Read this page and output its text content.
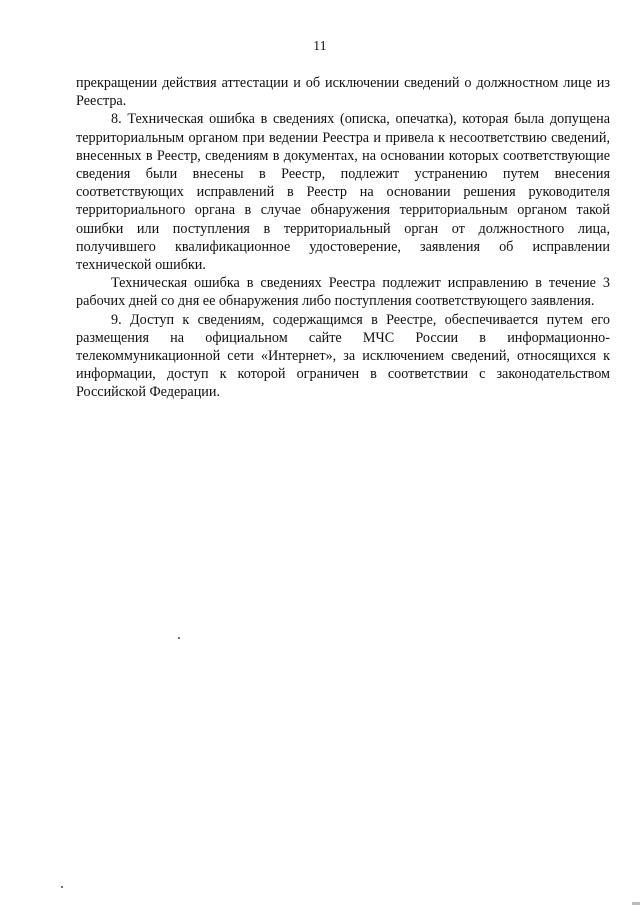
11

прекращении действия аттестации и об исключении сведений о должностном лице из Реестра.

8. Техническая ошибка в сведениях (описка, опечатка), которая была допущена территориальным органом при ведении Реестра и привела к несоответствию сведений, внесенных в Реестр, сведениям в документах, на основании которых соответствующие сведения были внесены в Реестр, подлежит устранению путем внесения соответствующих исправлений в Реестр на основании решения руководителя территориального органа в случае обнаружения территориальным органом такой ошибки или поступления в территориальный орган от должностного лица, получившего квалификационное удостоверение, заявления об исправлении технической ошибки.

Техническая ошибка в сведениях Реестра подлежит исправлению в течение 3 рабочих дней со дня ее обнаружения либо поступления соответствующего заявления.

9. Доступ к сведениям, содержащимся в Реестре, обеспечивается путем его размещения на официальном сайте МЧС России в информационно-телекоммуникационной сети «Интернет», за исключением сведений, относящихся к информации, доступ к которой ограничен в соответствии с законодательством Российской Федерации.
